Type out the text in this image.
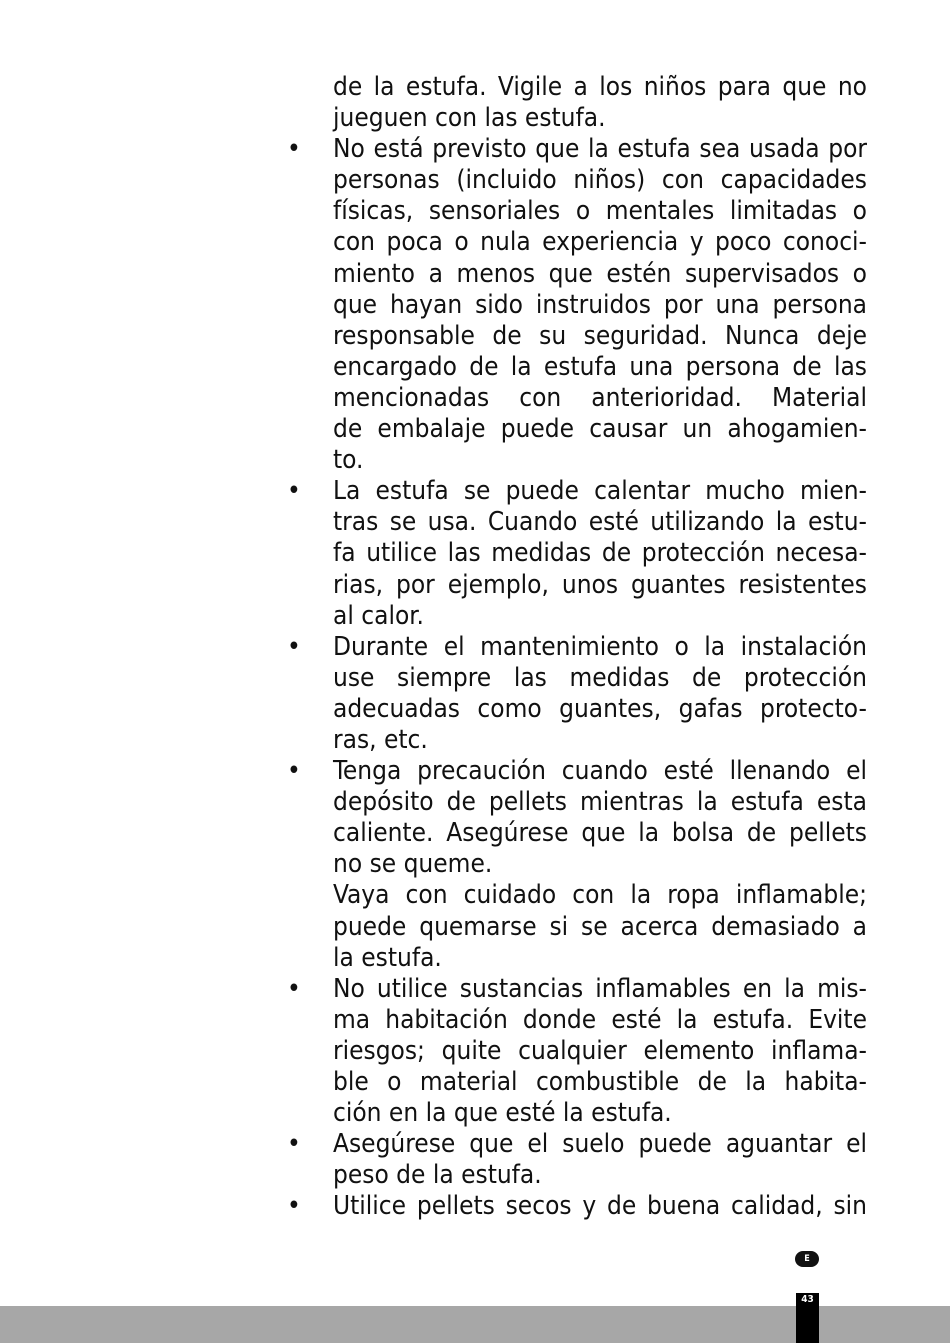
de la estufa. Vigile a los niños para que no
jueguen con las estufa.
• No está previsto que la estufa sea usada por
personas (incluido niños) con capacidades
físicas, sensoriales o mentales limitadas o
con poca o nula experiencia y poco conoci-
miento a menos que estén supervisados o
que hayan sido instruidos por una persona
responsable de su seguridad. Nunca deje
encargado de la estufa una persona de las
mencionadas con anterioridad. Material
de embalaje puede causar un ahogamien-
to.
• La estufa se puede calentar mucho mien-
tras se usa. Cuando esté utilizando la estu-
fa utilice las medidas de protección necesa-
rias, por ejemplo, unos guantes resistentes
al calor.
• Durante el mantenimiento o la instalación
use siempre las medidas de protección
adecuadas como guantes, gafas protecto-
ras, etc.
• Tenga precaución cuando esté llenando el
depósito de pellets mientras la estufa esta
caliente. Asegúrese que la bolsa de pellets
no se queme.
Vaya con cuidado con la ropa inflamable;
puede quemarse si se acerca demasiado a
la estufa.
• No utilice sustancias inflamables en la mis-
ma habitación donde esté la estufa. Evite
riesgos; quite cualquier elemento inflama-
ble o material combustible de la habita-
ción en la que esté la estufa.
• Asegúrese que el suelo puede aguantar el
peso de la estufa.
• Utilice pellets secos y de buena calidad, sin
E
43
